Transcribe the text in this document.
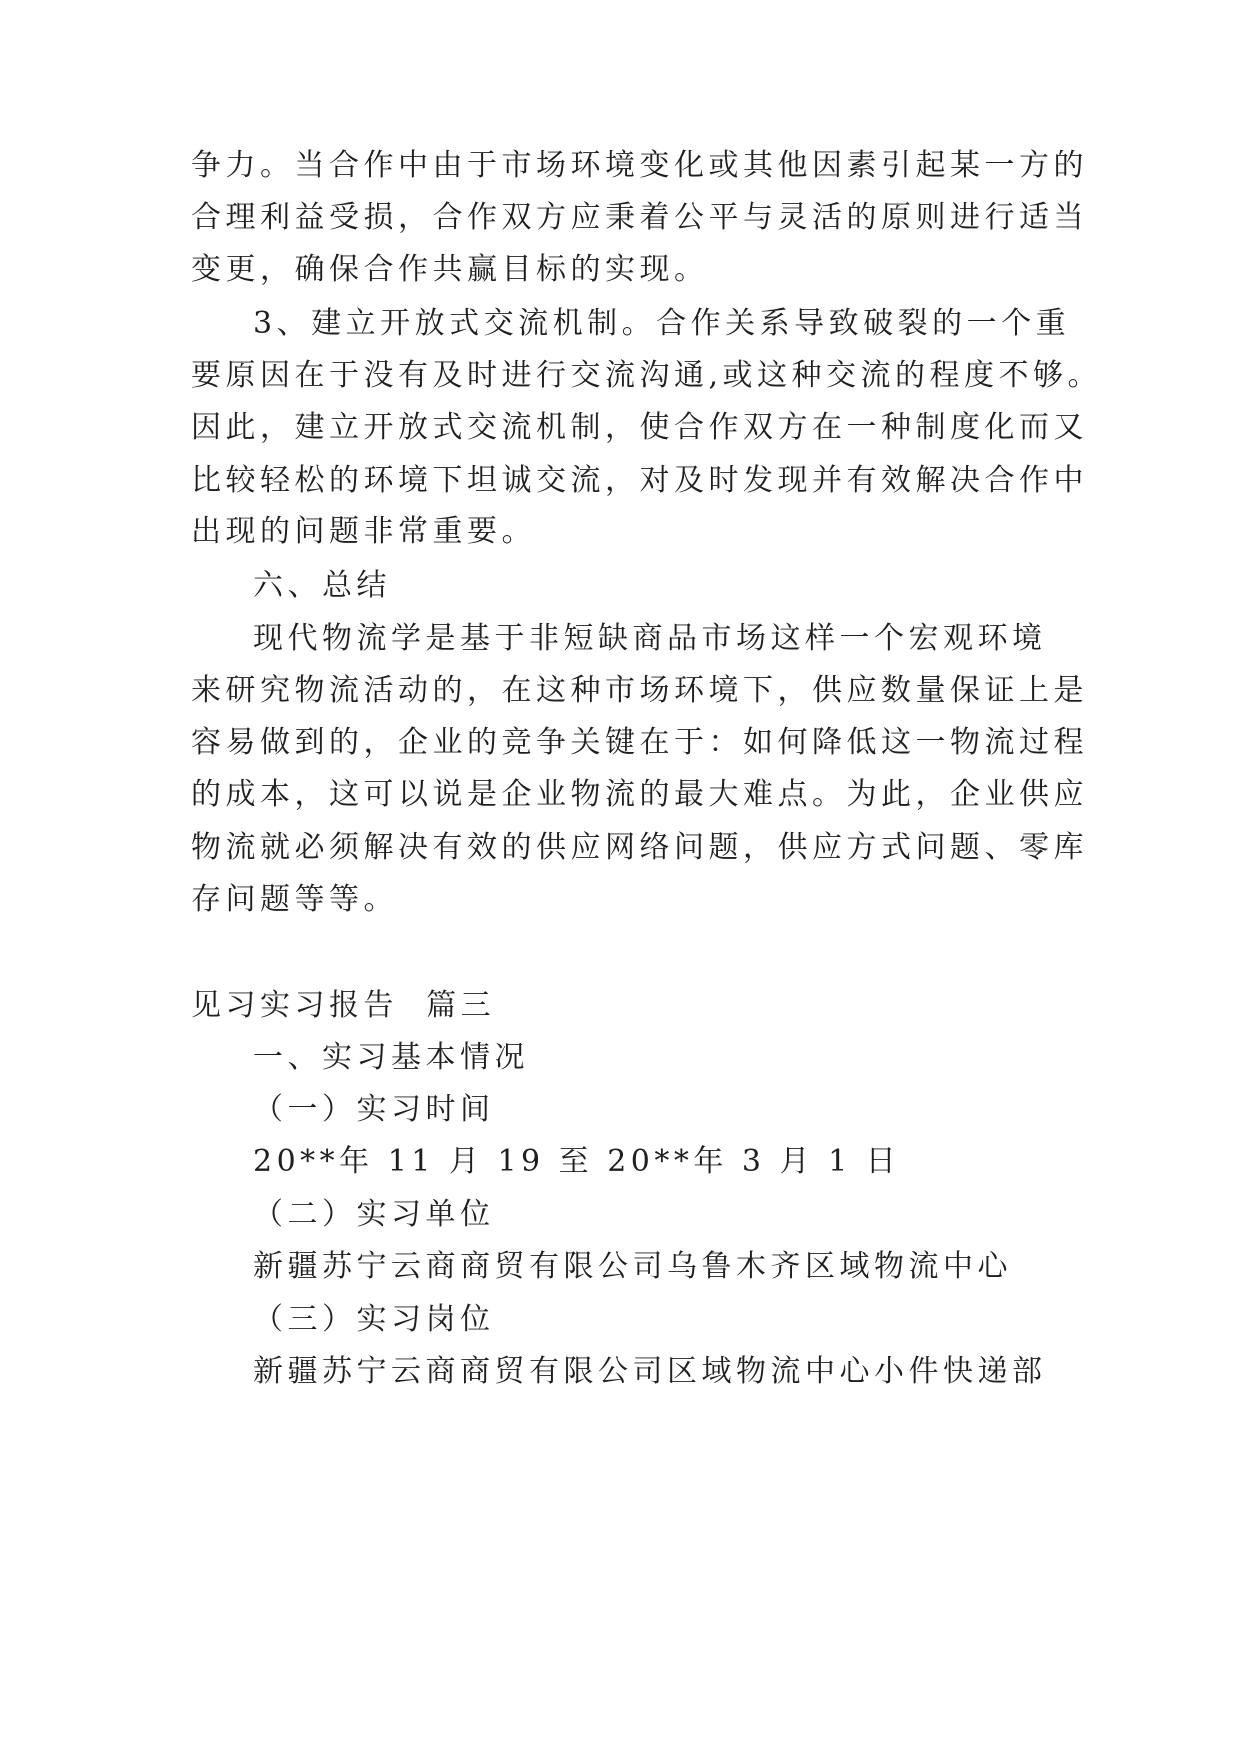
争力。当合作中由于市场环境变化或其他因素引起某一方的

合理利益受损，合作双方应秉着公平与灵活的原则进行适当

变更，确保合作共赢目标的实现。

3、建立开放式交流机制。合作关系导致破裂的一个重

要原因在于没有及时进行交流沟通,或这种交流的程度不够。

因此，建立开放式交流机制，使合作双方在一种制度化而又

比较轻松的环境下坦诚交流，对及时发现并有效解决合作中

出现的问题非常重要。

六、总结

现代物流学是基于非短缺商品市场这样一个宏观环境

来研究物流活动的，在这种市场环境下，供应数量保证上是

容易做到的，企业的竞争关键在于：如何降低这一物流过程

的成本，这可以说是企业物流的最大难点。为此，企业供应

物流就必须解决有效的供应网络问题，供应方式问题、零库

存问题等等。

见习实习报告  篇三

一、实习基本情况

（一）实习时间

20**年 11 月 19 至 20**年 3 月 1 日

（二）实习单位

新疆苏宁云商商贸有限公司乌鲁木齐区域物流中心

（三）实习岗位

新疆苏宁云商商贸有限公司区域物流中心小件快递部
